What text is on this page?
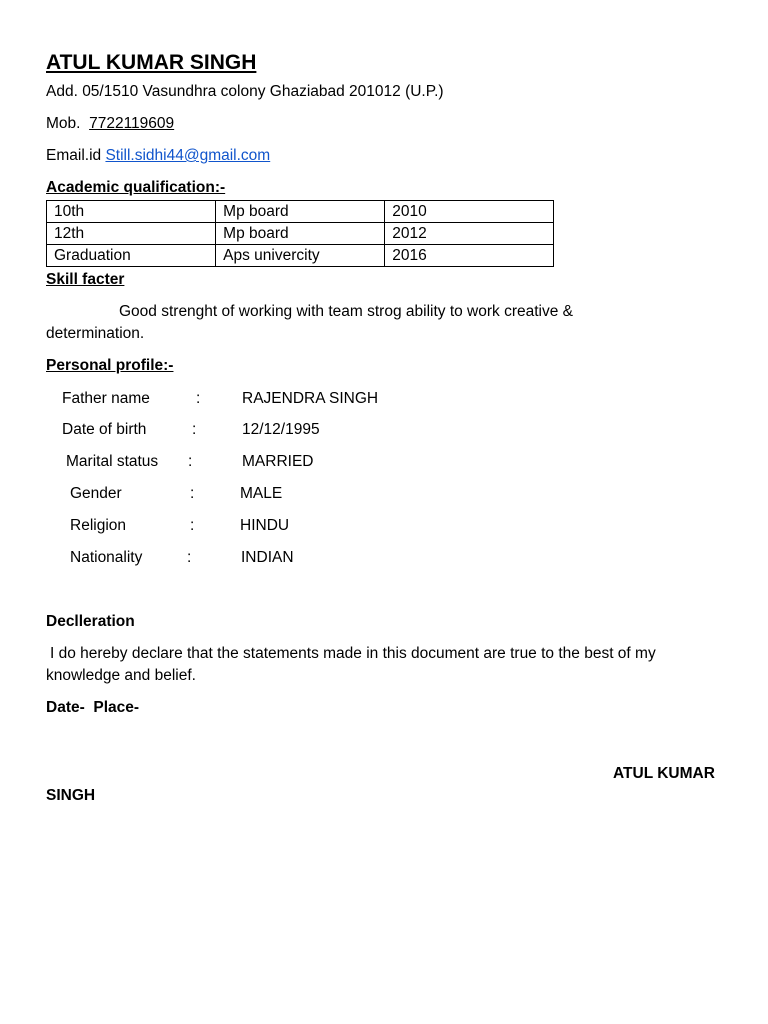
ATUL KUMAR SINGH
Add. 05/1510 Vasundhra colony Ghaziabad 201012 (U.P.)
Mob. 7722119609
Email.id Still.sidhi44@gmail.com
Academic qualification:-
10th	Mp board	2010
12th	Mp board	2012
Graduation	Aps univercity	2016
Skill facter
Good strenght of working with team strog ability to work creative &
determination.
Personal profile:-
Father name	:	RAJENDRA SINGH
Date of birth	:	12/12/1995
Marital status :	MARRIED
Gender	:	MALE
Religion	:	HINDU
Nationality	:	INDIAN
Declleration
I do hereby declare that the statements made in this document are true to the best of my
knowledge and belief.
Date-  Place-
ATUL KUMAR
SINGH
